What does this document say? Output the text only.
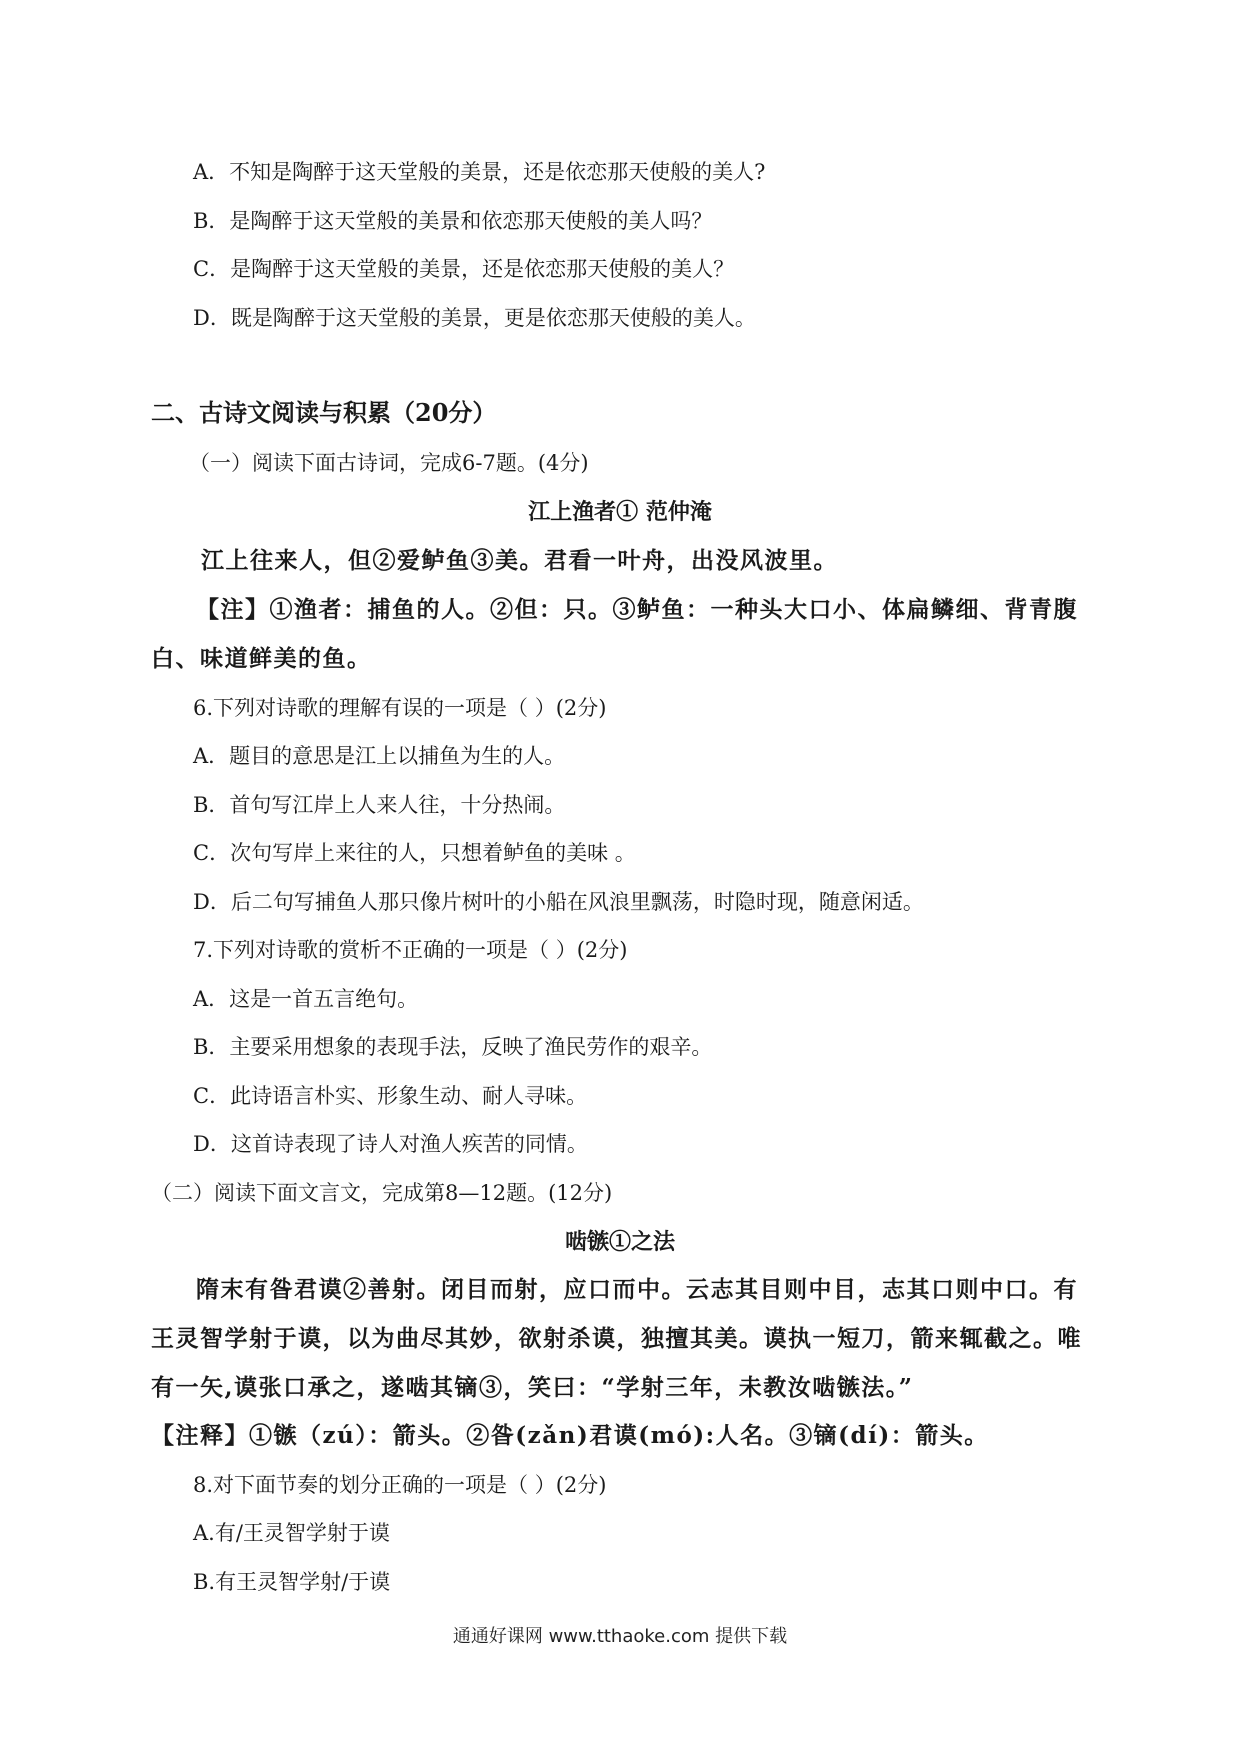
A．不知是陶醉于这天堂般的美景，还是依恋那天使般的美人?
B．是陶醉于这天堂般的美景和依恋那天使般的美人吗？
C．是陶醉于这天堂般的美景，还是依恋那天使般的美人？
D．既是陶醉于这天堂般的美景，更是依恋那天使般的美人。
二、古诗文阅读与积累（20分）
（一）阅读下面古诗词，完成6-7题。(4分)
江上渔者① 范仲淹
江上往来人，但②爱鲈鱼③美。君看一叶舟，出没风波里。
【注】①渔者：捕鱼的人。②但：只。③鲈鱼：一种头大口小、体扁鳞细、背青腹
白、味道鲜美的鱼。
6.下列对诗歌的理解有误的一项是（ ）(2分)
A．题目的意思是江上以捕鱼为生的人。
B．首句写江岸上人来人往，十分热闹。
C．次句写岸上来往的人，只想着鲈鱼的美味 。
D．后二句写捕鱼人那只像片树叶的小船在风浪里飘荡，时隐时现，随意闲适。
7.下列对诗歌的赏析不正确的一项是（ ）(2分)
A．这是一首五言绝句。
B．主要采用想象的表现手法，反映了渔民劳作的艰辛。
C．此诗语言朴实、形象生动、耐人寻味。
D．这首诗表现了诗人对渔人疾苦的同情。
（二）阅读下面文言文，完成第8—12题。(12分)
啮镞①之法
隋末有昝君谟②善射。闭目而射，应口而中。云志其目则中目，志其口则中口。有
王灵智学射于谟，以为曲尽其妙，欲射杀谟，独擅其美。谟执一短刀，箭来辄截之。唯
有一矢,谟张口承之，遂啮其镝③，笑曰：“学射三年，未教汝啮镞法。”
【注释】①镞（zú）：箭头。②昝(zǎn)君谟(mó):人名。③镝(dí)：箭头。
8.对下面节奏的划分正确的一项是（ ）(2分)
A.有/王灵智学射于谟
B.有王灵智学射/于谟
通通好课网 www.tthaoke.com 提供下载
